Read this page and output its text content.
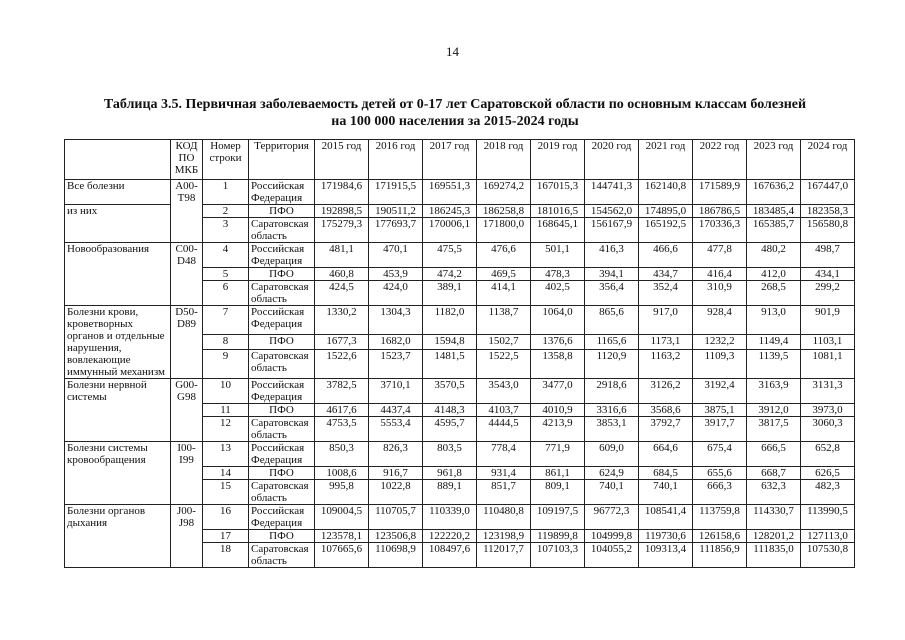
14
Таблица 3.5. Первичная заболеваемость детей от 0-17 лет Саратовской области по основным классам болезней
на 100 000 населения за 2015-2024 годы
	КОД ПО МКБ	Номер строки	Территория	2015 год	2016 год	2017 год	2018 год	2019 год	2020 год	2021 год	2022 год	2023 год	2024 год

Все болезни	A00-T98	1	Российская Федерация	171984,6	171915,5	169551,3	169274,2	167015,3	144741,3	162140,8	171589,9	167636,2	167447,0
из них		2	ПФО	192898,5	190511,2	186245,3	186258,8	181016,5	154562,0	174895,0	186786,5	183485,4	182358,3
		3	Саратовская область	175279,3	177693,7	170006,1	171800,0	168645,1	156167,9	165192,5	170336,3	165385,7	156580,8

Новообразования	C00-D48	4	Российская Федерация	481,1	470,1	475,5	476,6	501,1	416,3	466,6	477,8	480,2	498,7
		5	ПФО	460,8	453,9	474,2	469,5	478,3	394,1	434,7	416,4	412,0	434,1
		6	Саратовская область	424,5	424,0	389,1	414,1	402,5	356,4	352,4	310,9	268,5	299,2

Болезни крови, кроветворных органов и отдельные нарушения, вовлекающие иммунный механизм	D50-D89	7	Российская Федерация	1330,2	1304,3	1182,0	1138,7	1064,0	865,6	917,0	928,4	913,0	901,9
		8	ПФО	1677,3	1682,0	1594,8	1502,7	1376,6	1165,6	1173,1	1232,2	1149,4	1103,1
		9	Саратовская область	1522,6	1523,7	1481,5	1522,5	1358,8	1120,9	1163,2	1109,3	1139,5	1081,1

Болезни нервной системы	G00-G98	10	Российская Федерация	3782,5	3710,1	3570,5	3543,0	3477,0	2918,6	3126,2	3192,4	3163,9	3131,3
		11	ПФО	4617,6	4437,4	4148,3	4103,7	4010,9	3316,6	3568,6	3875,1	3912,0	3973,0
		12	Саратовская область	4753,5	5553,4	4595,7	4444,5	4213,9	3853,1	3792,7	3917,7	3817,5	3060,3

Болезни системы кровообращения	I00-I99	13	Российская Федерация	850,3	826,3	803,5	778,4	771,9	609,0	664,6	675,4	666,5	652,8
		14	ПФО	1008,6	916,7	961,8	931,4	861,1	624,9	684,5	655,6	668,7	626,5
		15	Саратовская область	995,8	1022,8	889,1	851,7	809,1	740,1	740,1	666,3	632,3	482,3

Болезни органов дыхания	J00-J98	16	Российская Федерация	109004,5	110705,7	110339,0	110480,8	109197,5	96772,3	108541,4	113759,8	114330,7	113990,5
		17	ПФО	123578,1	123506,8	122220,2	123198,9	119899,8	104999,8	119730,6	126158,6	128201,2	127113,0
		18	Саратовская область	107665,6	110698,9	108497,6	112017,7	107103,3	104055,2	109313,4	111856,9	111835,0	107530,8
